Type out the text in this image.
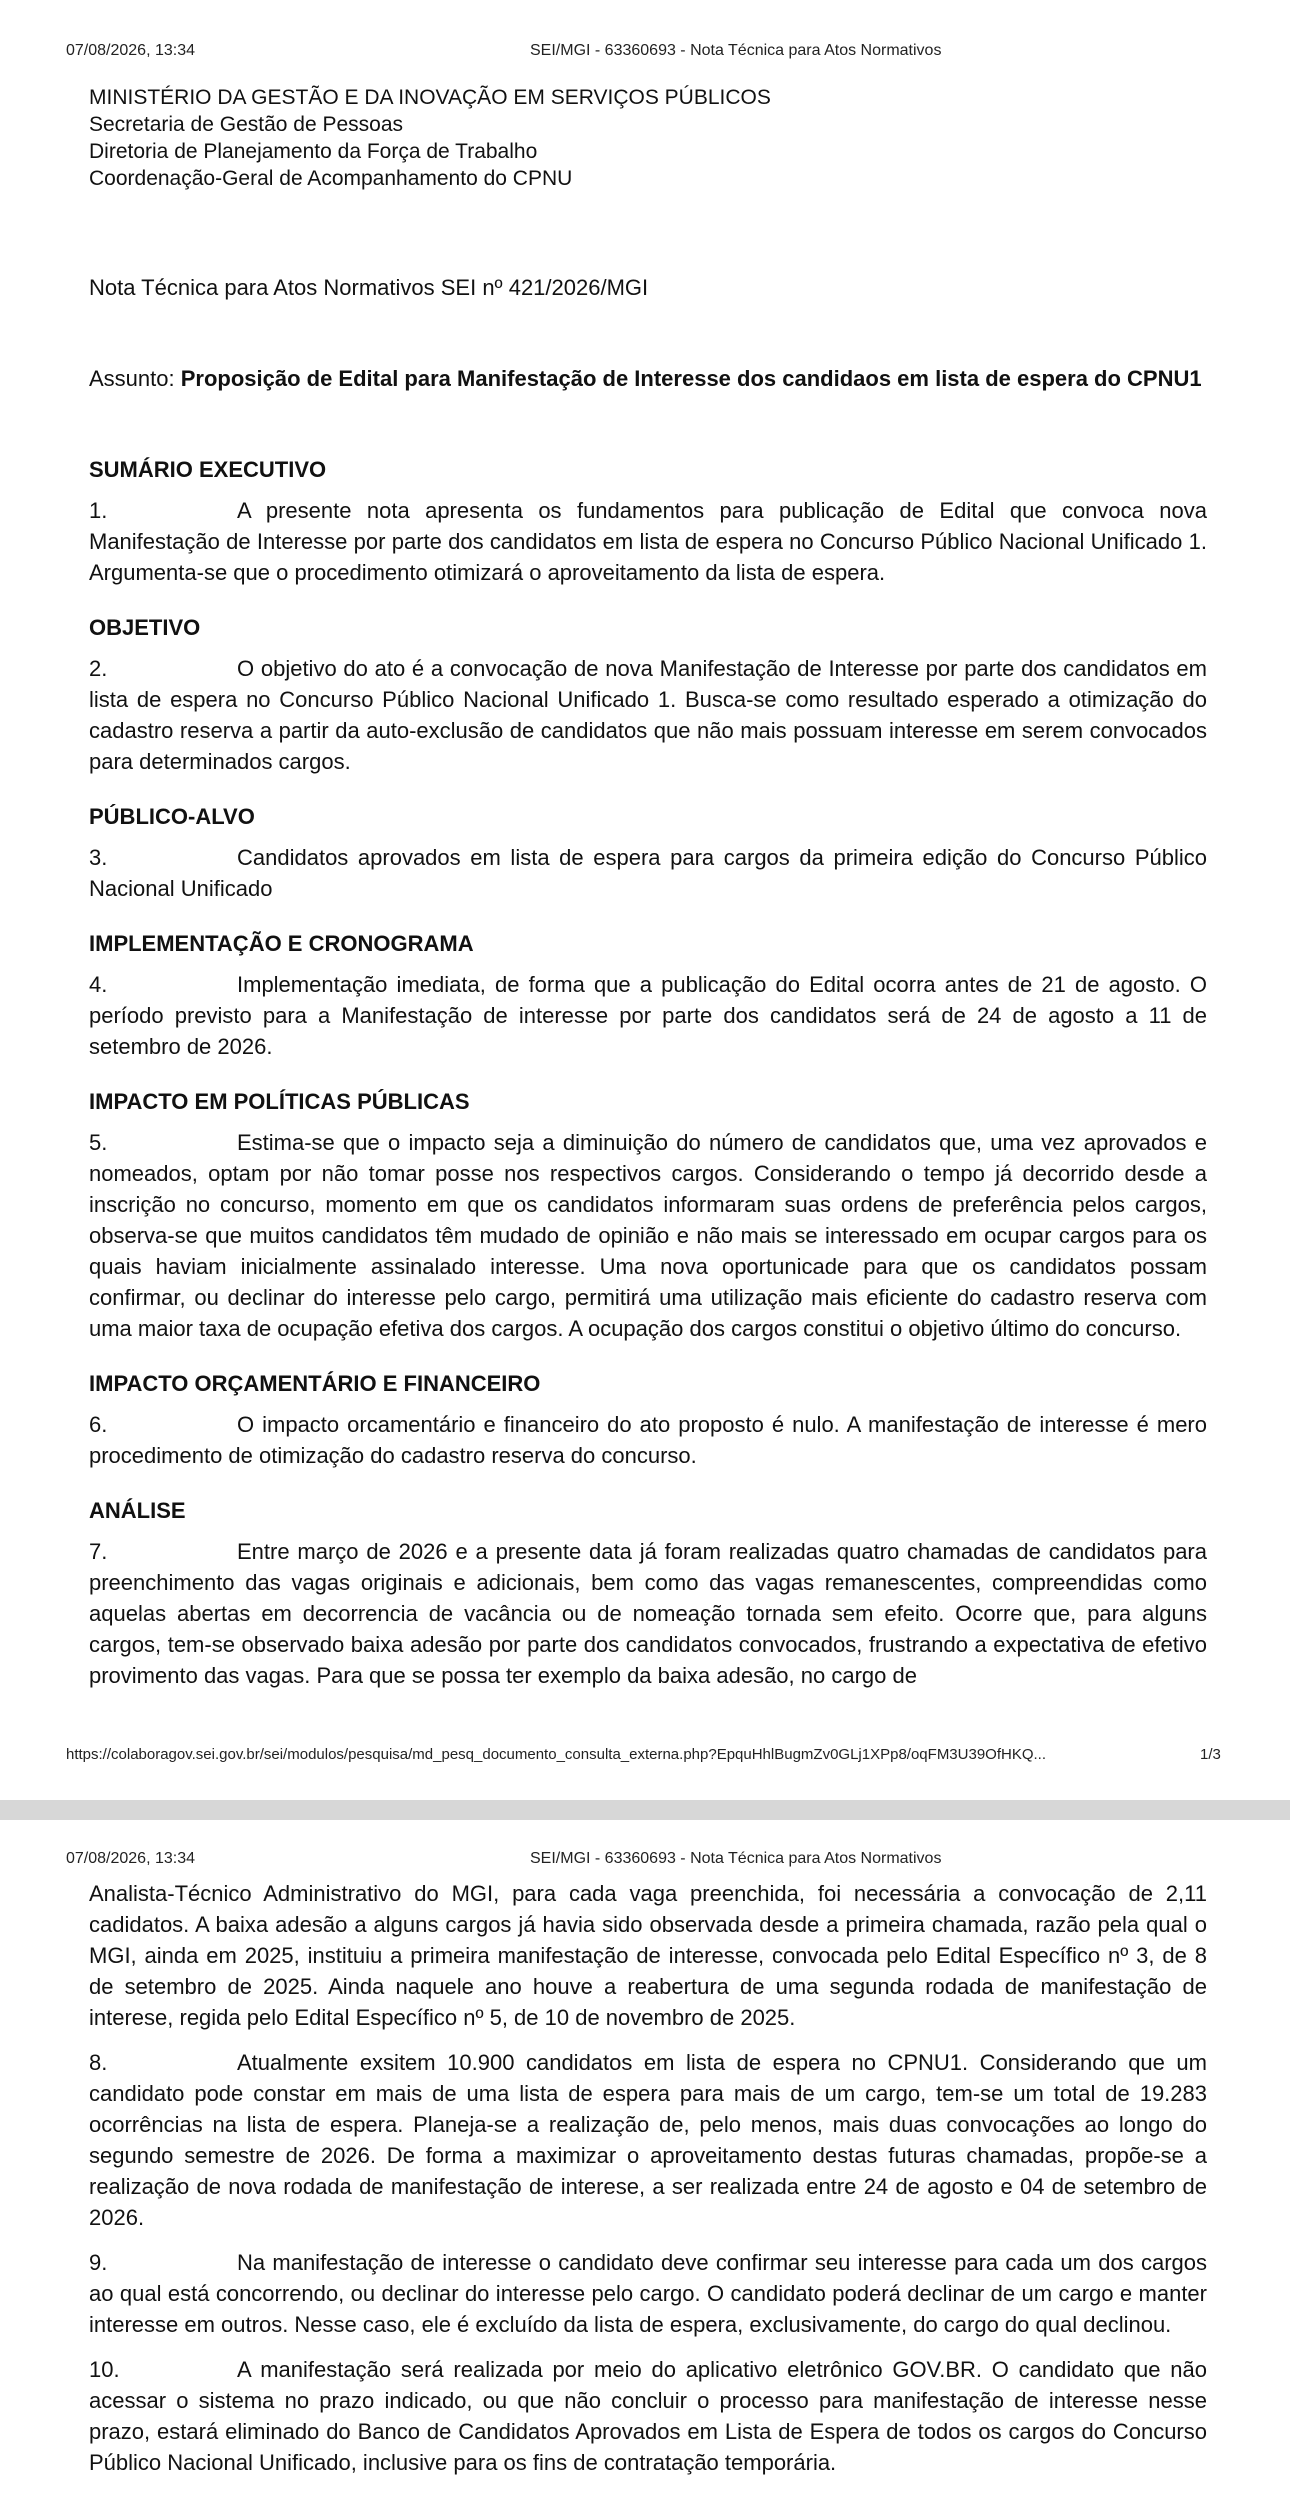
07/08/2026, 13:34	SEI/MGI - 63360693 - Nota Técnica para Atos Normativos
MINISTÉRIO DA GESTÃO E DA INOVAÇÃO EM SERVIÇOS PÚBLICOS
Secretaria de Gestão de Pessoas
Diretoria de Planejamento da Força de Trabalho
Coordenação-Geral de Acompanhamento do CPNU
Nota Técnica para Atos Normativos SEI nº 421/2026/MGI
Assunto: Proposição de Edital para Manifestação de Interesse dos candidaos em lista de espera do CPNU1
SUMÁRIO EXECUTIVO

1.	A presente nota apresenta os fundamentos para publicação de Edital que convoca nova Manifestação de Interesse por parte dos candidatos em lista de espera no Concurso Público Nacional Unificado 1. Argumenta-se que o procedimento otimizará o aproveitamento da lista de espera.

OBJETIVO

2.	O objetivo do ato é a convocação de nova Manifestação de Interesse por parte dos candidatos em lista de espera no Concurso Público Nacional Unificado 1. Busca-se como resultado esperado a otimização do cadastro reserva a partir da auto-exclusão de candidatos que não mais possuam interesse em serem convocados para determinados cargos.

PÚBLICO-ALVO

3.	Candidatos aprovados em lista de espera para cargos da primeira edição do Concurso Público Nacional Unificado

IMPLEMENTAÇÃO E CRONOGRAMA

4.	Implementação imediata, de forma que a publicação do Edital ocorra antes de 21 de agosto. O período previsto para a Manifestação de interesse por parte dos candidatos será de 24 de agosto a 11 de setembro de 2026.

IMPACTO EM POLÍTICAS PÚBLICAS

5.	Estima-se que o impacto seja a diminuição do número de candidatos que, uma vez aprovados e nomeados, optam por não tomar posse nos respectivos cargos. Considerando o tempo já decorrido desde a inscrição no concurso, momento em que os candidatos informaram suas ordens de preferência pelos cargos, observa-se que muitos candidatos têm mudado de opinião e não mais se interessado em ocupar cargos para os quais haviam inicialmente assinalado interesse. Uma nova oportunicade para que os candidatos possam confirmar, ou declinar do interesse pelo cargo, permitirá uma utilização mais eficiente do cadastro reserva com uma maior taxa de ocupação efetiva dos cargos. A ocupação dos cargos constitui o objetivo último do concurso.

IMPACTO ORÇAMENTÁRIO E FINANCEIRO

6.	O impacto orcamentário e financeiro do ato proposto é nulo. A manifestação de interesse é mero procedimento de otimização do cadastro reserva do concurso.

ANÁLISE

7.	Entre março de 2026 e a presente data já foram realizadas quatro chamadas de candidatos para preenchimento das vagas originais e adicionais, bem como das vagas remanescentes, compreendidas como aquelas abertas em decorrencia de vacância ou de nomeação tornada sem efeito. Ocorre que, para alguns cargos, tem-se observado baixa adesão por parte dos candidatos convocados, frustrando a expectativa de efetivo provimento das vagas. Para que se possa ter exemplo da baixa adesão, no cargo de

https://colaboragov.sei.gov.br/sei/modulos/pesquisa/md_pesq_documento_consulta_externa.php?EpquHhlBugmZv0GLj1XPp8/oqFM3U39OfHKQ...	1/3
07/08/2026, 13:34	SEI/MGI - 63360693 - Nota Técnica para Atos Normativos

Analista-Técnico Administrativo do MGI, para cada vaga preenchida, foi necessária a convocação de 2,11 cadidatos. A baixa adesão a alguns cargos já havia sido observada desde a primeira chamada, razão pela qual o MGI, ainda em 2025, instituiu a primeira manifestação de interesse, convocada pelo Edital Específico nº 3, de 8 de setembro de 2025. Ainda naquele ano houve a reabertura de uma segunda rodada de manifestação de interese, regida pelo Edital Específico nº 5, de 10 de novembro de 2025.

8.	Atualmente exsitem 10.900 candidatos em lista de espera no CPNU1. Considerando que um candidato pode constar em mais de uma lista de espera para mais de um cargo, tem-se um total de 19.283 ocorrências na lista de espera. Planeja-se a realização de, pelo menos, mais duas convocações ao longo do segundo semestre de 2026. De forma a maximizar o aproveitamento destas futuras chamadas, propõe-se a realização de nova rodada de manifestação de interese, a ser realizada entre 24 de agosto e 04 de setembro de 2026.

9.	Na manifestação de interesse o candidato deve confirmar seu interesse para cada um dos cargos ao qual está concorrendo, ou declinar do interesse pelo cargo. O candidato poderá declinar de um cargo e manter interesse em outros. Nesse caso, ele é excluído da lista de espera, exclusivamente, do cargo do qual declinou.

10.	A manifestação será realizada por meio do aplicativo eletrônico GOV.BR. O candidato que não acessar o sistema no prazo indicado, ou que não concluir o processo para manifestação de interesse nesse prazo, estará eliminado do Banco de Candidatos Aprovados em Lista de Espera de todos os cargos do Concurso Público Nacional Unificado, inclusive para os fins de contratação temporária.
